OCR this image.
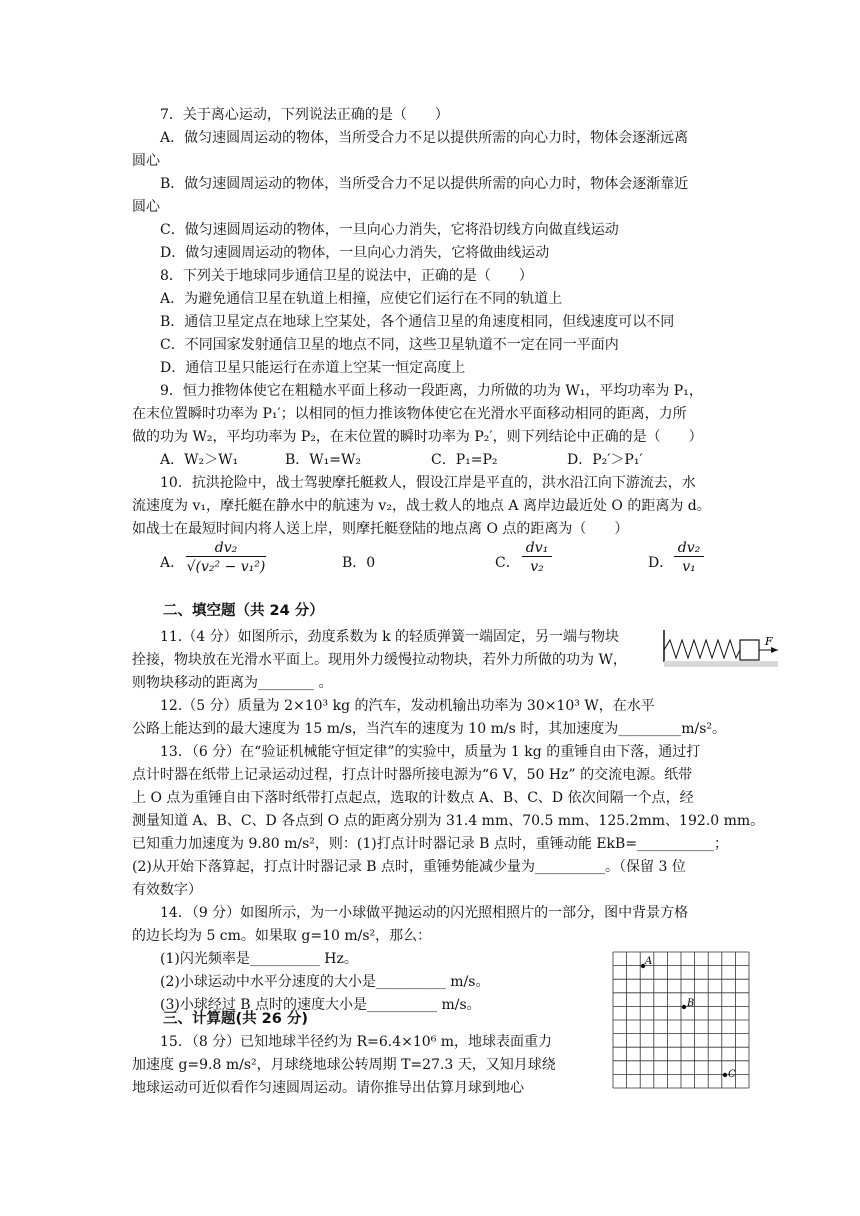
7．关于离心运动，下列说法正确的是（　　）
A．做匀速圆周运动的物体，当所受合力不足以提供所需的向心力时，物体会逐渐远离
圆心
B．做匀速圆周运动的物体，当所受合力不足以提供所需的向心力时，物体会逐渐靠近
圆心
C．做匀速圆周运动的物体，一旦向心力消失，它将沿切线方向做直线运动
D．做匀速圆周运动的物体，一旦向心力消失，它将做曲线运动
8．下列关于地球同步通信卫星的说法中，正确的是（　　）
A．为避免通信卫星在轨道上相撞，应使它们运行在不同的轨道上
B．通信卫星定点在地球上空某处，各个通信卫星的角速度相同，但线速度可以不同
C．不同国家发射通信卫星的地点不同，这些卫星轨道不一定在同一平面内
D．通信卫星只能运行在赤道上空某一恒定高度上
9．恒力推物体使它在粗糙水平面上移动一段距离，力所做的功为 W₁，平均功率为 P₁，
在末位置瞬时功率为 P₁′；以相同的恒力推该物体使它在光滑水平面移动相同的距离，力所
做的功为 W₂，平均功率为 P₂，在末位置的瞬时功率为 P₂′，则下列结论中正确的是（　　）
A．W₂＞W₁	B．W₁=W₂	C．P₁=P₂	D．P₂′＞P₁′
10．抗洪抢险中，战士驾驶摩托艇救人，假设江岸是平直的，洪水沿江向下游流去，水
流速度为 v₁，摩托艇在静水中的航速为 v₂，战士救人的地点 A 离岸边最近处 O 的距离为 d。
如战士在最短时间内将人送上岸，则摩托艇登陆的地点离 O 点的距离为（　　）
A．
dv₂
√(v₂² − v₁²)	B．0	C．
dv₁
v₂	D．
dv₂
v₁
二、填空题（共 24 分）
11.（4 分）如图所示，劲度系数为 k 的轻质弹簧一端固定，另一端与物块
拴接，物块放在光滑水平面上。现用外力缓慢拉动物块，若外力所做的功为 W，
则物块移动的距离为________ 。
F
12.（5 分）质量为 2×10³ kg 的汽车，发动机输出功率为 30×10³ W，在水平
公路上能达到的最大速度为 15 m/s，当汽车的速度为 10 m/s 时，其加速度为_________m/s²。
13．（6 分）在“验证机械能守恒定律”的实验中，质量为 1 kg 的重锤自由下落，通过打
点计时器在纸带上记录运动过程，打点计时器所接电源为“6 V，50 Hz” 的交流电源。纸带
上 O 点为重锤自由下落时纸带打点起点，选取的计数点 A、B、C、D 依次间隔一个点，经
测量知道 A、B、C、D 各点到 O 点的距离分别为 31.4 mm、70.5 mm、125.2mm、192.0 mm。
已知重力加速度为 9.80 m/s²，则：(1)打点计时器记录 B 点时，重锤动能 EkB=___________；
(2)从开始下落算起，打点计时器记录 B 点时，重锤势能减少量为__________。（保留 3 位
有效数字）
14．（9 分）如图所示，为一小球做平抛运动的闪光照相照片的一部分，图中背景方格
的边长均为 5 cm。如果取 g=10 m/s²，那么：
(1)闪光频率是__________ Hz。
(2)小球运动中水平分速度的大小是__________ m/s。
(3)小球经过 B 点时的速度大小是__________ m/s。
A
B
C
三、计算题(共 26 分)
15．（8 分）已知地球半径约为 R=6.4×10⁶ m，地球表面重力
加速度 g=9.8 m/s²，月球绕地球公转周期 T=27.3 天，又知月球绕
地球运动可近似看作匀速圆周运动。请你推导出估算月球到地心
